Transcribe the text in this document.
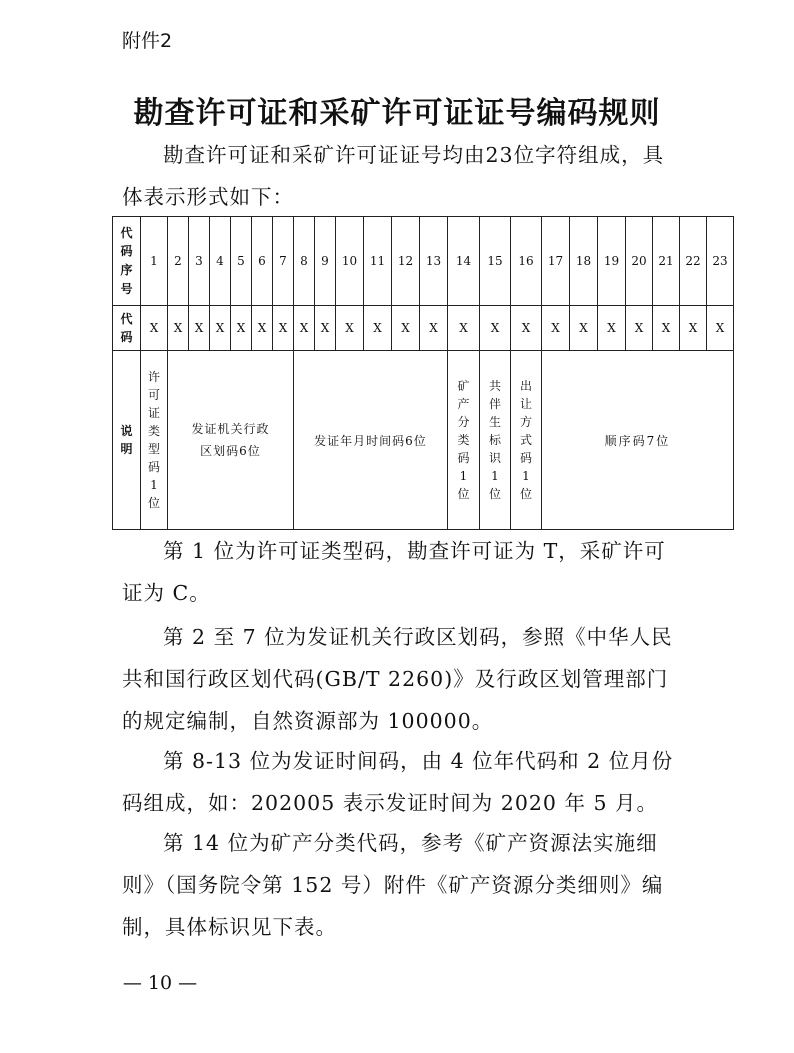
附件2
勘查许可证和采矿许可证证号编码规则

勘查许可证和采矿许可证证号均由23位字符组成，具体表示形式如下：

代码序号	1	2	3	4	5	6	7	8	9	10	11	12	13	14	15	16	17	18	19	20	21	22	23
代码	X	X	X	X	X	X	X	X	X	X	X	X	X	X	X	X	X	X	X	X	X	X	X
说明	许可证类型码1位	发证机关行政区划码6位						发证年月时间码6位						矿产分类码1位	共伴生标识1位	出让方式码1位	顺序码7位						

第 1 位为许可证类型码，勘查许可证为 T，采矿许可证为 C。

第 2 至 7 位为发证机关行政区划码，参照《中华人民共和国行政区划代码(GB/T 2260)》及行政区划管理部门的规定编制，自然资源部为 100000。

第 8-13 位为发证时间码，由 4 位年代码和 2 位月份码组成，如：202005 表示发证时间为 2020 年 5 月。

第 14 位为矿产分类代码，参考《矿产资源法实施细则》（国务院令第 152 号）附件《矿产资源分类细则》编制，具体标识见下表。

— 10 —
